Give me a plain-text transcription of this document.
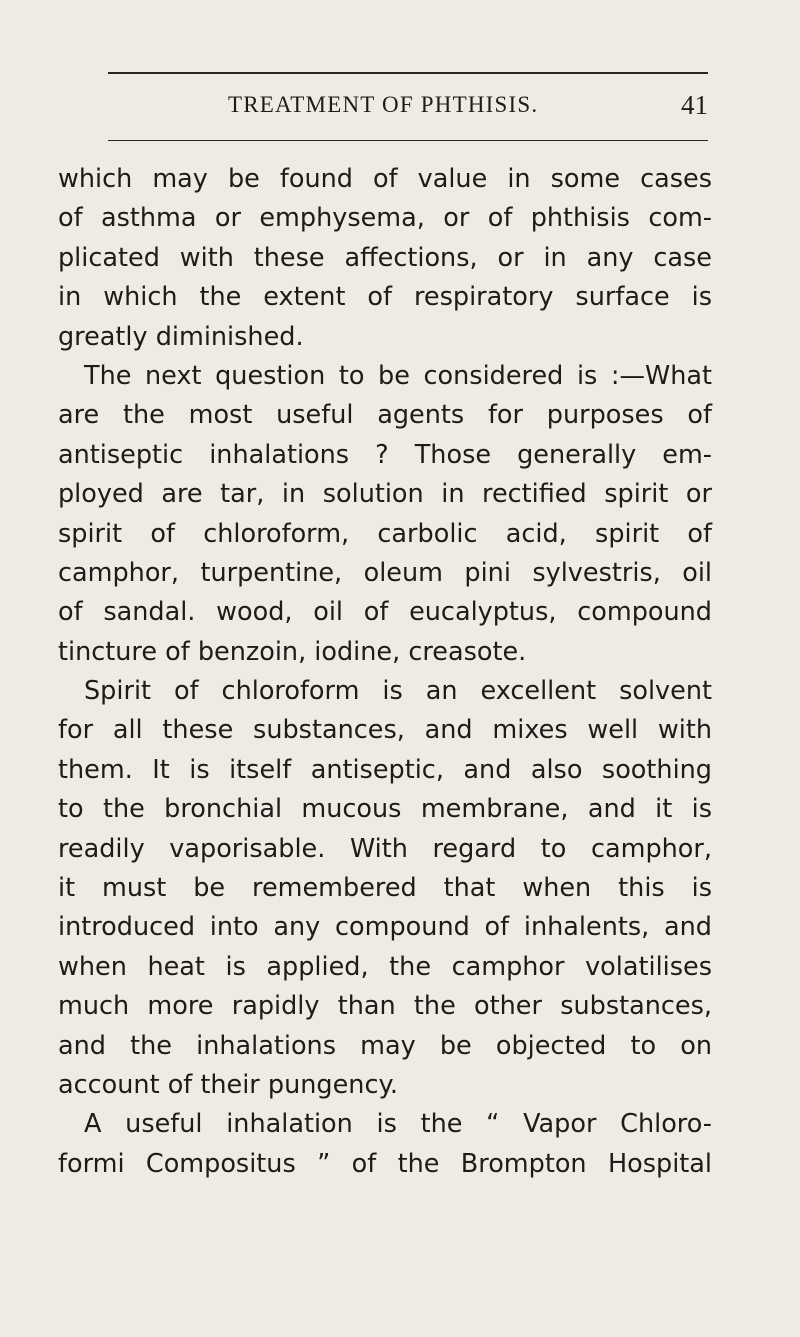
TREATMENT OF PHTHISIS.	41
which may be found of value in some cases
of asthma or emphysema, or of phthisis com-
plicated with these affections, or in any case
in which the extent of respiratory surface is
greatly diminished.
The next question to be considered is :—What
are the most useful agents for purposes of
antiseptic inhalations ? Those generally em-
ployed are tar, in solution in rectified spirit or
spirit of chloroform, carbolic acid, spirit of
camphor, turpentine, oleum pini sylvestris, oil
of sandal. wood, oil of eucalyptus, compound
tincture of benzoin, iodine, creasote.
Spirit of chloroform is an excellent solvent
for all these substances, and mixes well with
them. It is itself antiseptic, and also soothing
to the bronchial mucous membrane, and it is
readily vaporisable. With regard to camphor,
it must be remembered that when this is
introduced into any compound of inhalents, and
when heat is applied, the camphor volatilises
much more rapidly than the other substances,
and the inhalations may be objected to on
account of their pungency.
A useful inhalation is the “ Vapor Chloro-
formi Compositus ” of the Brompton Hospital
